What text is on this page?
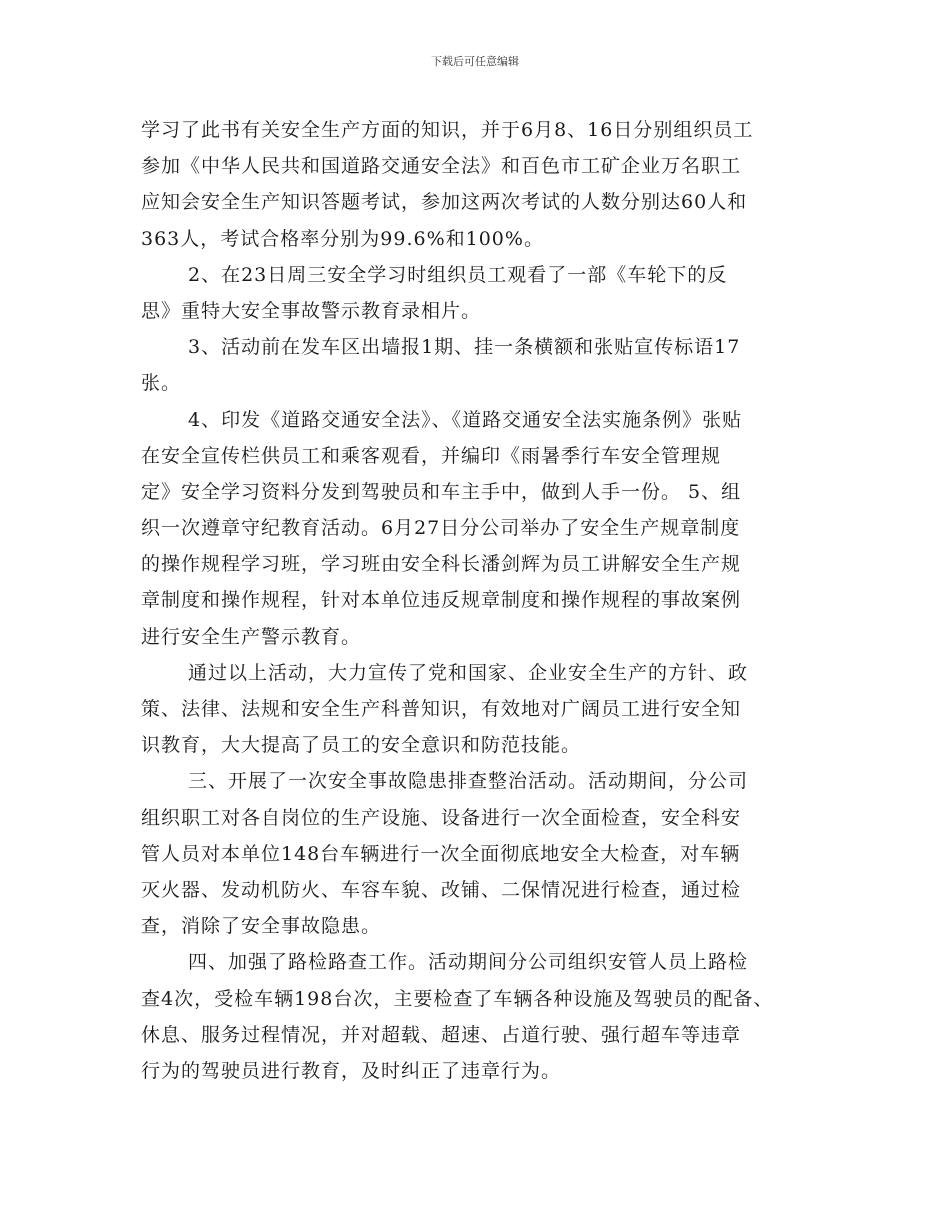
下载后可任意编辑
学习了此书有关安全生产方面的知识，并于6月8、16日分别组织员工
参加《中华人民共和国道路交通安全法》和百色市工矿企业万名职工
应知会安全生产知识答题考试，参加这两次考试的人数分别达60人和
363人，考试合格率分别为99.6%和100%。
2、在23日周三安全学习时组织员工观看了一部《车轮下的反
思》重特大安全事故警示教育录相片。
3、活动前在发车区出墙报1期、挂一条横额和张贴宣传标语17
张。
4、印发《道路交通安全法》、《道路交通安全法实施条例》张贴
在安全宣传栏供员工和乘客观看，并编印《雨暑季行车安全管理规
定》安全学习资料分发到驾驶员和车主手中，做到人手一份。 5、组
织一次遵章守纪教育活动。6月27日分公司举办了安全生产规章制度
的操作规程学习班，学习班由安全科长潘剑辉为员工讲解安全生产规
章制度和操作规程，针对本单位违反规章制度和操作规程的事故案例
进行安全生产警示教育。
通过以上活动，大力宣传了党和国家、企业安全生产的方针、政
策、法律、法规和安全生产科普知识，有效地对广阔员工进行安全知
识教育，大大提高了员工的安全意识和防范技能。
三、开展了一次安全事故隐患排查整治活动。活动期间，分公司
组织职工对各自岗位的生产设施、设备进行一次全面检查，安全科安
管人员对本单位148台车辆进行一次全面彻底地安全大检查，对车辆
灭火器、发动机防火、车容车貌、改铺、二保情况进行检查，通过检
查，消除了安全事故隐患。
四、加强了路检路查工作。活动期间分公司组织安管人员上路检
查4次，受检车辆198台次，主要检查了车辆各种设施及驾驶员的配备、
休息、服务过程情况，并对超载、超速、占道行驶、强行超车等违章
行为的驾驶员进行教育，及时纠正了违章行为。
